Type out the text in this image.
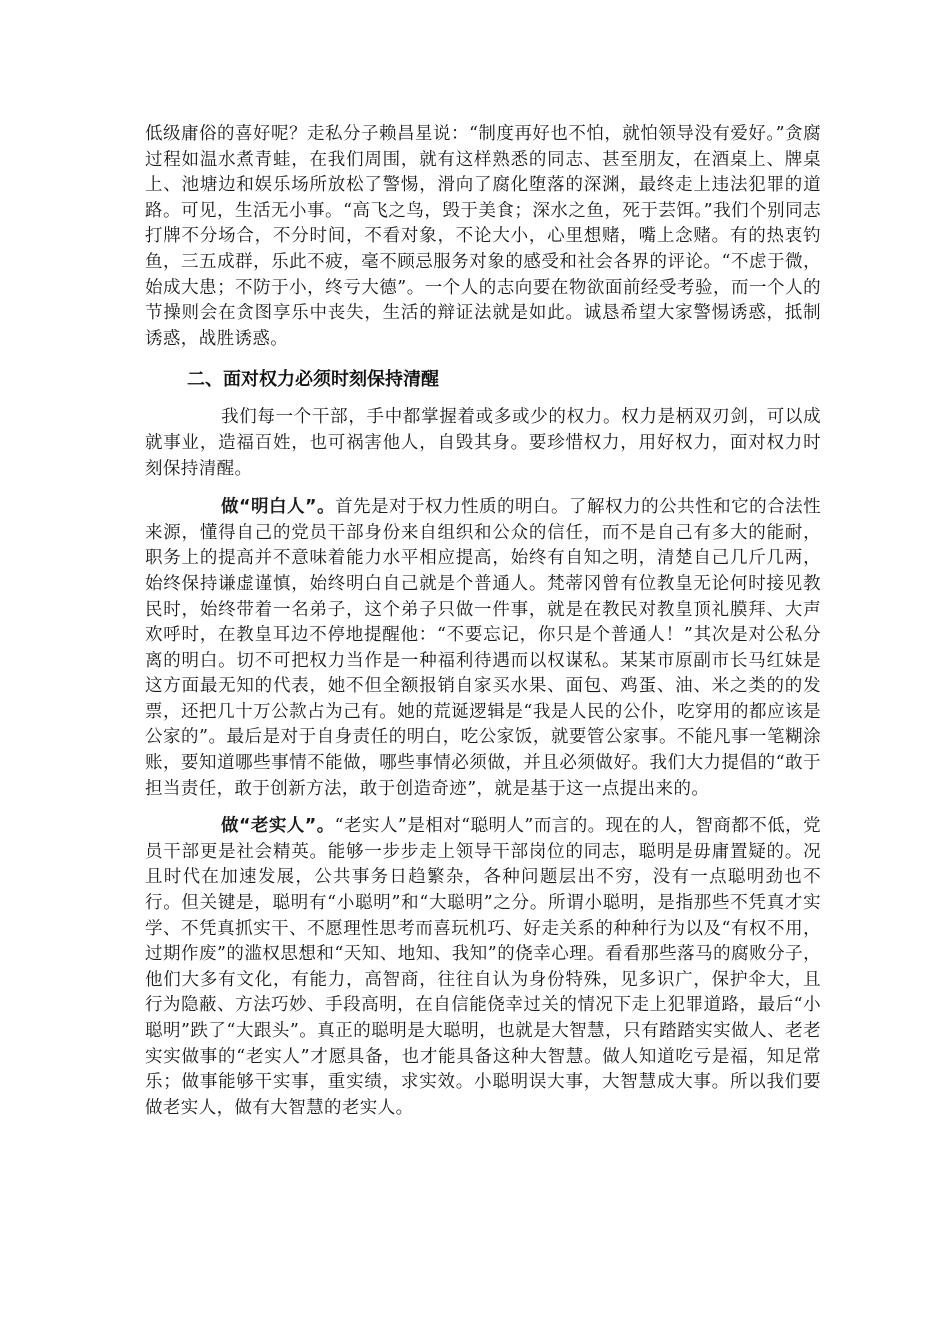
低级庸俗的喜好呢？走私分子赖昌星说：“制度再好也不怕，就怕领导没有爱好。”贪腐过程如温水煮青蛙，在我们周围，就有这样熟悉的同志、甚至朋友，在酒桌上、牌桌上、池塘边和娱乐场所放松了警惕，滑向了腐化堕落的深渊，最终走上违法犯罪的道路。可见，生活无小事。“高飞之鸟，毁于美食；深水之鱼，死于芸饵。”我们个别同志打牌不分场合，不分时间，不看对象，不论大小，心里想赌，嘴上念赌。有的热衷钓鱼，三五成群，乐此不疲，毫不顾忌服务对象的感受和社会各界的评论。“不虑于微，始成大患；不防于小，终亏大德”。一个人的志向要在物欲面前经受考验，而一个人的节操则会在贪图享乐中丧失，生活的辩证法就是如此。诚恳希望大家警惕诱惑，抵制诱惑，战胜诱惑。

二、面对权力必须时刻保持清醒

我们每一个干部，手中都掌握着或多或少的权力。权力是柄双刃剑，可以成就事业，造福百姓，也可祸害他人，自毁其身。要珍惜权力，用好权力，面对权力时刻保持清醒。

做“明白人”。首先是对于权力性质的明白。了解权力的公共性和它的合法性来源，懂得自己的党员干部身份来自组织和公众的信任，而不是自己有多大的能耐，职务上的提高并不意味着能力水平相应提高，始终有自知之明，清楚自己几斤几两，始终保持谦虚谨慎，始终明白自己就是个普通人。梵蒂冈曾有位教皇无论何时接见教民时，始终带着一名弟子，这个弟子只做一件事，就是在教民对教皇顶礼膜拜、大声欢呼时，在教皇耳边不停地提醒他：“不要忘记，你只是个普通人！”其次是对公私分离的明白。切不可把权力当作是一种福利待遇而以权谋私。某某市原副市长马红妹是这方面最无知的代表，她不但全额报销自家买水果、面包、鸡蛋、油、米之类的的发票，还把几十万公款占为己有。她的荒诞逻辑是“我是人民的公仆，吃穿用的都应该是公家的”。最后是对于自身责任的明白，吃公家饭，就要管公家事。不能凡事一笔糊涂账，要知道哪些事情不能做，哪些事情必须做，并且必须做好。我们大力提倡的“敢于担当责任，敢于创新方法，敢于创造奇迹”，就是基于这一点提出来的。

做“老实人”。“老实人”是相对“聪明人”而言的。现在的人，智商都不低，党员干部更是社会精英。能够一步步走上领导干部岗位的同志，聪明是毋庸置疑的。况且时代在加速发展，公共事务日趋繁杂，各种问题层出不穷，没有一点聪明劲也不行。但关键是，聪明有“小聪明”和“大聪明”之分。所谓小聪明，是指那些不凭真才实学、不凭真抓实干、不愿理性思考而喜玩机巧、好走关系的种种行为以及“有权不用，过期作废”的滥权思想和“天知、地知、我知”的侥幸心理。看看那些落马的腐败分子，他们大多有文化，有能力，高智商，往往自认为身份特殊，见多识广，保护伞大，且行为隐蔽、方法巧妙、手段高明，在自信能侥幸过关的情况下走上犯罪道路，最后“小聪明”跌了“大跟头”。真正的聪明是大聪明，也就是大智慧，只有踏踏实实做人、老老实实做事的“老实人”才愿具备，也才能具备这种大智慧。做人知道吃亏是福，知足常乐；做事能够干实事，重实绩，求实效。小聪明误大事，大智慧成大事。所以我们要做老实人，做有大智慧的老实人。
